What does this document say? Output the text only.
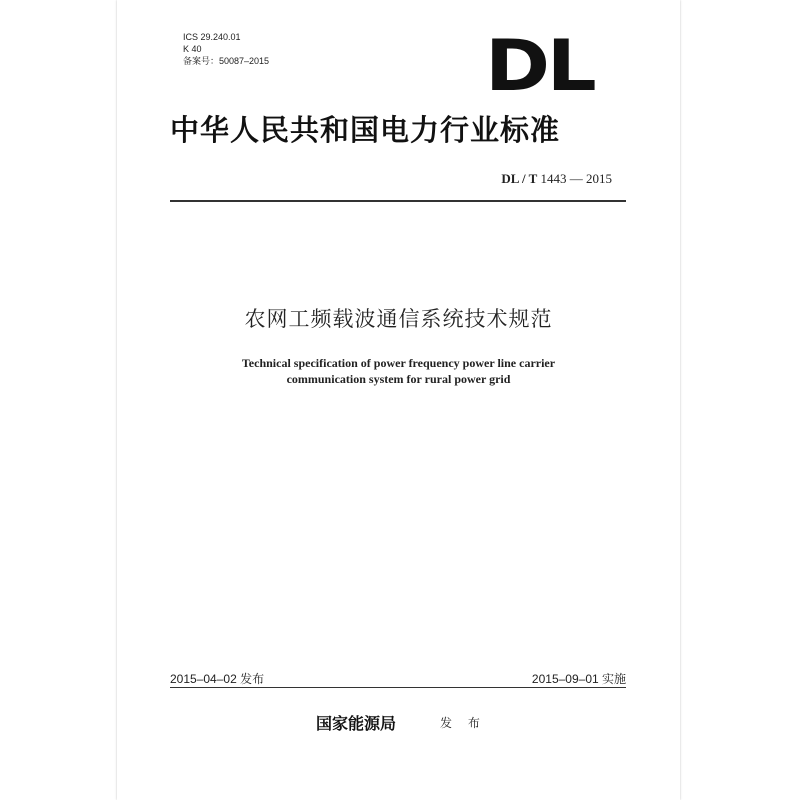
ICS 29.240.01
K 40
备案号：50087–2015	DL
中华人民共和国电力行业标准
DL / T 1443 — 2015
农网工频载波通信系统技术规范
Technical specification of power frequency power line carrier
communication system for rural power grid
2015–04–02 发布	2015–09–01 实施
国家能源局	发 布
